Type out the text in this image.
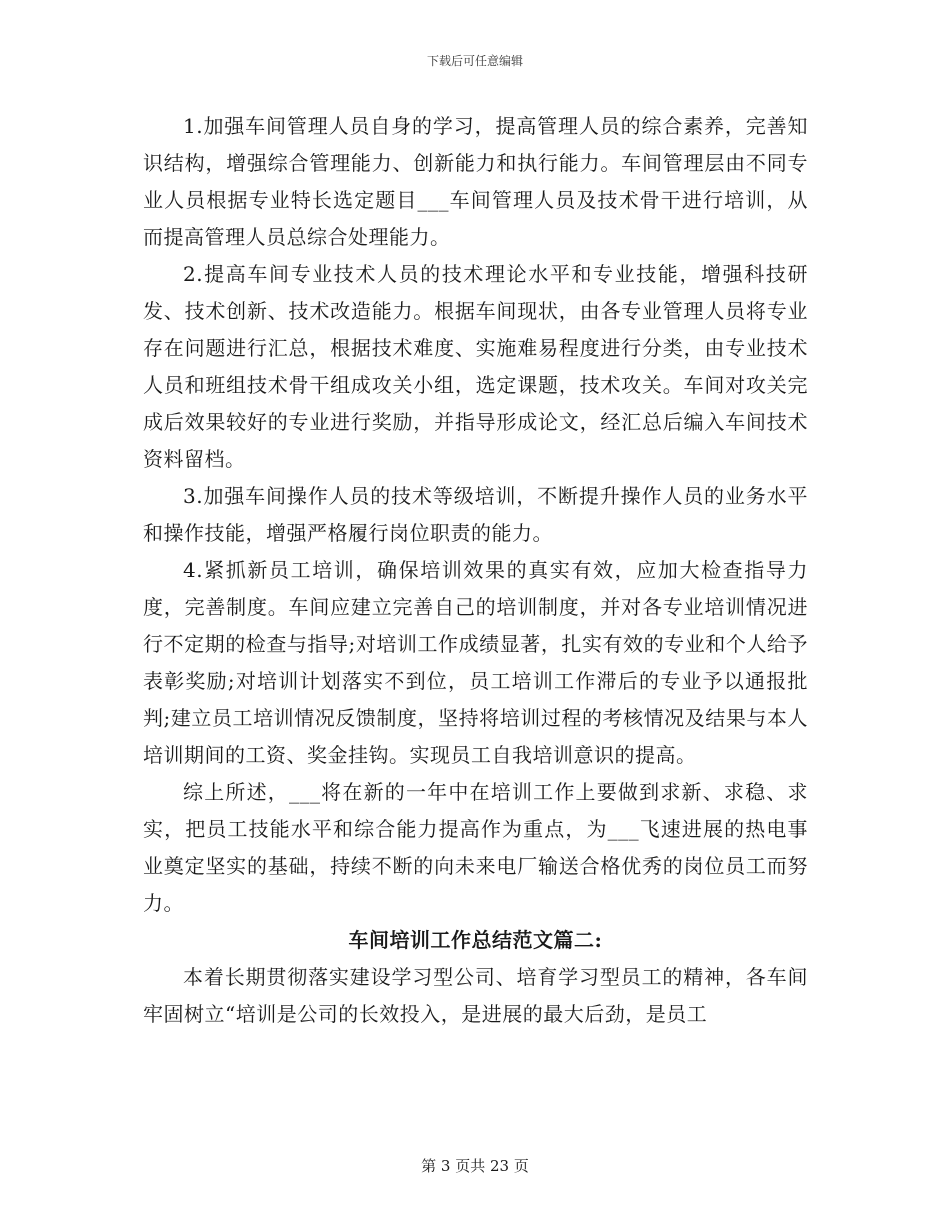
下载后可任意编辑

1.加强车间管理人员自身的学习，提高管理人员的综合素养，完善知识结构，增强综合管理能力、创新能力和执行能力。车间管理层由不同专业人员根据专业特长选定题目___车间管理人员及技术骨干进行培训，从而提高管理人员总综合处理能力。

2.提高车间专业技术人员的技术理论水平和专业技能，增强科技研发、技术创新、技术改造能力。根据车间现状，由各专业管理人员将专业存在问题进行汇总，根据技术难度、实施难易程度进行分类，由专业技术人员和班组技术骨干组成攻关小组，选定课题，技术攻关。车间对攻关完成后效果较好的专业进行奖励，并指导形成论文，经汇总后编入车间技术资料留档。

3.加强车间操作人员的技术等级培训，不断提升操作人员的业务水平和操作技能，增强严格履行岗位职责的能力。

4.紧抓新员工培训，确保培训效果的真实有效，应加大检查指导力度，完善制度。车间应建立完善自己的培训制度，并对各专业培训情况进行不定期的检查与指导;对培训工作成绩显著，扎实有效的专业和个人给予表彰奖励;对培训计划落实不到位，员工培训工作滞后的专业予以通报批判;建立员工培训情况反馈制度，坚持将培训过程的考核情况及结果与本人培训期间的工资、奖金挂钩。实现员工自我培训意识的提高。

综上所述，___将在新的一年中在培训工作上要做到求新、求稳、求实，把员工技能水平和综合能力提高作为重点，为___飞速进展的热电事业奠定坚实的基础，持续不断的向未来电厂输送合格优秀的岗位员工而努力。

车间培训工作总结范文篇二:

本着长期贯彻落实建设学习型公司、培育学习型员工的精神，各车间牢固树立“培训是公司的长效投入，是进展的最大后劲，是员工

第 3 页共 23 页
